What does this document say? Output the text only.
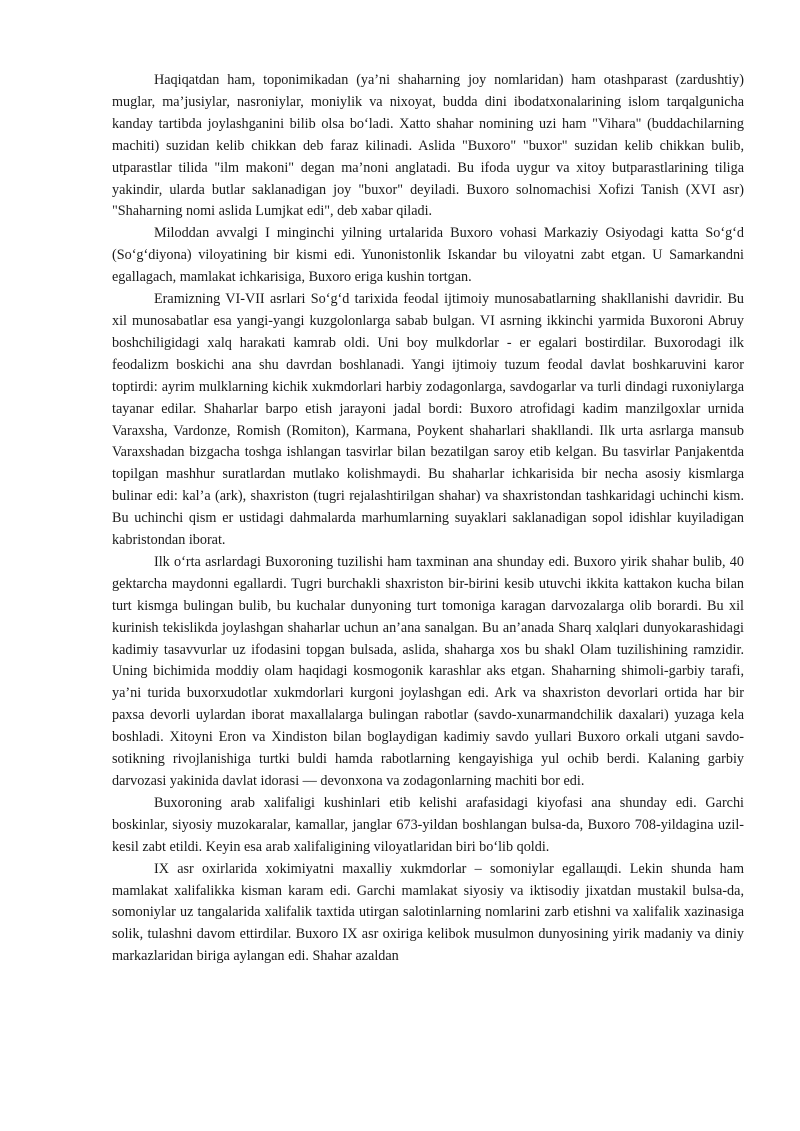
Haqiqatdan ham, toponimikadan (ya’ni shaharning joy nomlaridan) ham otashparast (zardushtiy) muglar, ma’jusiylar, nasroniylar, moniylik va nixoyat, budda dini ibodatxonalarining islom tarqalgunicha kanday tartibda joylashganini bilib olsa bo‘ladi. Xatto shahar nomining uzi ham "Vihara" (buddachilarning machiti) suzidan kelib chikkan deb faraz kilinadi. Aslida "Buxoro" "buxor" suzidan kelib chikkan bulib, utparastlar tilida "ilm makoni" degan ma’noni anglatadi. Bu ifoda uygur va xitoy butparastlarining tiliga yakindir, ularda butlar saklanadigan joy "buxor" deyiladi. Buxoro solnomachisi Xofizi Tanish (XVI asr) "Shaharning nomi aslida Lumjkat edi", deb xabar qiladi.

Miloddan avvalgi I minginchi yilning urtalarida Buxoro vohasi Markaziy Osiyodagi katta So‘g‘d (So‘g‘diyona) viloyatining bir kismi edi. Yunonistonlik Iskandar bu viloyatni zabt etgan. U Samarkandni egallagach, mamlakat ichkarisiga, Buxoro eriga kushin tortgan.

Eramizning VI-VII asrlari So‘g‘d tarixida feodal ijtimoiy munosabatlarning shakllanishi davridir. Bu xil munosabatlar esa yangi-yangi kuzgolonlarga sabab bulgan. VI asrning ikkinchi yarmida Buxoroni Abruy boshchiligidagi xalq harakati kamrab oldi. Uni boy mulkdorlar - er egalari bostirdilar. Buxorodagi ilk feodalizm boskichi ana shu davrdan boshlanadi. Yangi ijtimoiy tuzum feodal davlat boshkaruvini karor toptirdi: ayrim mulklarning kichik xukmdorlari harbiy zodagonlarga, savdogarlar va turli dindagi ruxoniylarga tayanar edilar. Shaharlar barpo etish jarayoni jadal bordi: Buxoro atrofidagi kadim manzilgoxlar urnida Varaxsha, Vardonze, Romish (Romiton), Karmana, Poykent shaharlari shakllandi. Ilk urta asrlarga mansub Varaxshadan bizgacha toshga ishlangan tasvirlar bilan bezatilgan saroy etib kelgan. Bu tasvirlar Panjakentda topilgan mashhur suratlardan mutlako kolishmaydi. Bu shaharlar ichkarisida bir necha asosiy kismlarga bulinar edi: kal’a (ark), shaxriston (tugri rejalashtirilgan shahar) va shaxristondan tashkaridagi uchinchi kism. Bu uchinchi qism er ustidagi dahmalarda marhumlarning suyaklari saklanadigan sopol idishlar kuyiladigan kabristondan iborat.

Ilk o‘rta asrlardagi Buxoroning tuzilishi ham taxminan ana shunday edi. Buxoro yirik shahar bulib, 40 gektarcha maydonni egallardi. Tugri burchakli shaxriston bir-birini kesib utuvchi ikkita kattakon kucha bilan turt kismga bulingan bulib, bu kuchalar dunyoning turt tomoniga karagan darvozalarga olib borardi. Bu xil kurinish tekislikda joylashgan shaharlar uchun an’ana sanalgan. Bu an’anada Sharq xalqlari dunyokarashidagi kadimiy tasavvurlar uz ifodasini topgan bulsada, aslida, shaharga xos bu shakl Olam tuzilishining ramzidir. Uning bichimida moddiy olam haqidagi kosmogonik karashlar aks etgan. Shaharning shimoli-garbiy tarafi, ya’ni turida buxorxudotlar xukmdorlari kurgoni joylashgan edi. Ark va shaxriston devorlari ortida har bir paxsa devorli uylardan iborat maxallalarga bulingan rabotlar (savdo-xunarmandchilik daxalari) yuzaga kela boshladi. Xitoyni Eron va Xindiston bilan boglaydigan kadimiy savdo yullari Buxoro orkali utgani savdo- sotikning rivojlanishiga turtki buldi hamda rabotlarning kengayishiga yul ochib berdi. Kalaning garbiy darvozasi yakinida davlat idorasi — devonxona va zodagonlarning machiti bor edi.

Buxoroning arab xalifaligi kushinlari etib kelishi arafasidagi kiyofasi ana shunday edi. Garchi boskinlar, siyosiy muzokaralar, kamallar, janglar 673-yildan boshlangan bulsa-da, Buxoro 708-yildagina uzil-kesil zabt etildi. Keyin esa arab xalifaligining viloyatlaridan biri bo‘lib qoldi.

IX asr oxirlarida xokimiyatni maxalliy xukmdorlar – somoniylar egallaщdi. Lekin shunda ham mamlakat xalifalikka kisman karam edi. Garchi mamlakat siyosiy va iktisodiy jixatdan mustakil bulsa-da, somoniylar uz tangalarida xalifalik taxtida utirgan salotinlarning nomlarini zarb etishni va xalifalik xazinasiga solik, tulashni davom ettirdilar. Buxoro IX asr oxiriga kelibok musulmon dunyosining yirik madaniy va diniy markazlaridan biriga aylangan edi. Shahar azaldan
